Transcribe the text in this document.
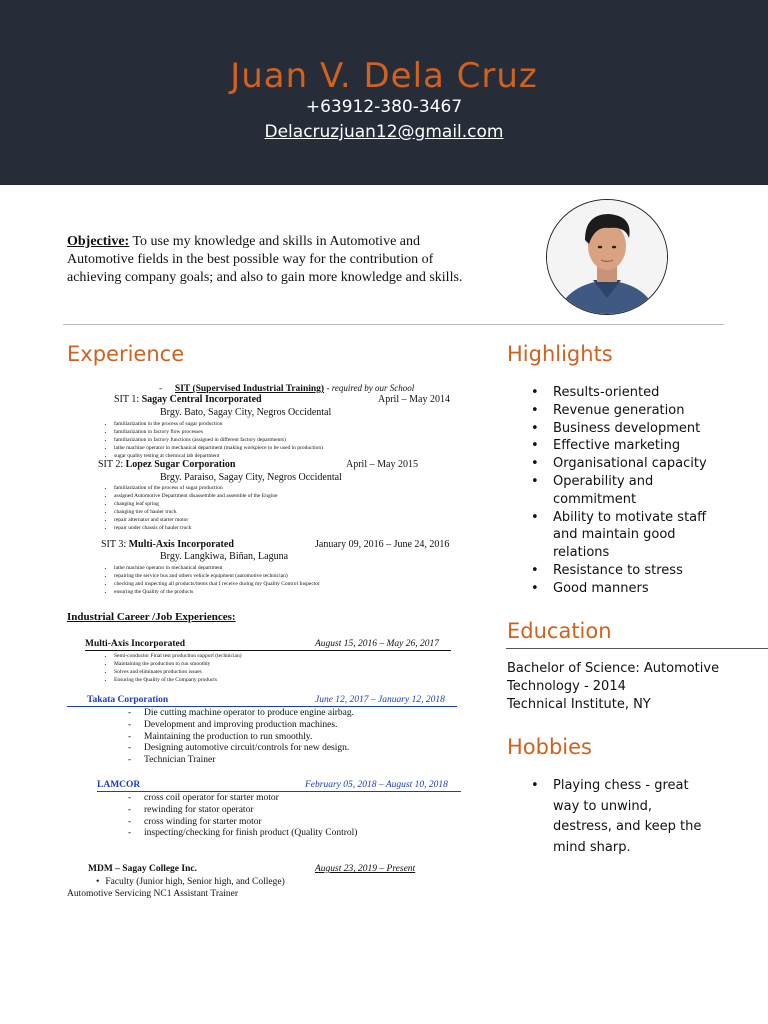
Juan V. Dela Cruz
+63912-380-3467
Delacruzjuan12@gmail.com
Objective: To use my knowledge and skills in Automotive and Automotive fields in the best possible way for the contribution of achieving company goals; and also to gain more knowledge and skills.
Experience
- SIT (Supervised Industrial Training) - required by our School
SIT 1: Sagay Central Incorporated	April – May 2014
Brgy. Bato, Sagay City, Negros Occidental
• familiarization in the process of sugar production
• familiarization in factory flow processes
• familiarization in factory functions (assigned in different factory departments)
• lathe machine operator in mechanical department (making workpiece to be used in production)
• sugar quality testing at chemical lab department
SIT 2: Lopez Sugar Corporation	April – May 2015
Brgy. Paraiso, Sagay City, Negros Occidental
• familiarization of the process of sugar production
• assigned Automotive Department disassemble and assemble of the Engine
• changing leaf spring
• changing tire of hauler truck
• repair alternator and starter motor
• repair under chassis of hauler truck
SIT 3: Multi-Axis Incorporated	January 09, 2016 – June 24, 2016
Brgy. Langkiwa, Biñan, Laguna
• lathe machine operator in mechanical department
• repairing the service bus and others vehicle equipment (automotive technician)
• checking and inspecting all products/items that I receive during my Quality Control Inspector
• ensuring the Quality of the products
Industrial Career /Job Experiences:
Multi-Axis Incorporated	August 15, 2016 – May 26, 2017
• Semi-conductor Final test production support (technician)
• Maintaining the production to run smoothly
• Solves and eliminates production issues
• Ensuring the Quality of the Company products
Takata Corporation	June 12, 2017 – January 12, 2018
- Die cutting machine operator to produce engine airbag.
- Development and improving production machines.
- Maintaining the production to run smoothly.
- Designing automotive circuit/controls for new design.
- Technician Trainer
LAMCOR	February 05, 2018 – August 10, 2018
- cross coil operator for starter motor
- rewinding for stator operator
- cross winding for starter motor
- inspecting/checking for finish product (Quality Control)
MDM – Sagay College Inc.	August 23, 2019 – Present
• Faculty (Junior high, Senior high, and College)
Automotive Servicing NC1 Assistant Trainer
Highlights
• Results-oriented
• Revenue generation
• Business development
• Effective marketing
• Organisational capacity
• Operability and commitment
• Ability to motivate staff and maintain good relations
• Resistance to stress
• Good manners
Education
Bachelor of Science: Automotive Technology - 2014
Technical Institute, NY
Hobbies
• Playing chess - great way to unwind, destress, and keep the mind sharp.
